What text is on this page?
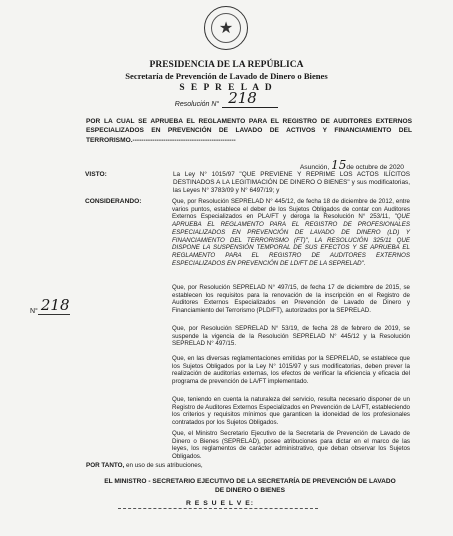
★
PRESIDENCIA DE LA REPÚBLICA
Secretaría de Prevención de Lavado de Dinero o Bienes
S E P R E L A D
Resolución N° 218
N° 218
POR LA CUAL SE APRUEBA EL REGLAMENTO PARA EL REGISTRO DE AUDITORES EXTERNOS ESPECIALIZADOS EN PREVENCIÓN DE LAVADO DE ACTIVOS Y FINANCIAMIENTO DEL TERRORISMO.-----------------------------------------------
Asunción, 15de octubre de 2020
VISTO:	La Ley N° 1015/97 "QUE PREVIENE Y REPRIME LOS ACTOS ILÍCITOS DESTINADOS A LA LEGITIMACIÓN DE DINERO O BIENES" y sus modificatorias, las Leyes N° 3783/09 y N° 6497/19; y
CONSIDERANDO:	Que, por Resolución SEPRELAD N° 445/12, de fecha 18 de diciembre de 2012, entre varios puntos, establece el deber de los Sujetos Obligados de contar con Auditores Externos Especializados en PLA/FT y deroga la Resolución N° 253/11, "QUE APRUEBA EL REGLAMENTO PARA EL REGISTRO DE PROFESIONALES ESPECIALIZADOS EN PREVENCIÓN DE LAVADO DE DINERO (LD) Y FINANCIAMIENTO DEL TERRORISMO (FT)", LA RESOLUCIÓN 325/11 QUE DISPONE LA SUSPENSIÓN TEMPORAL DE SUS EFECTOS Y SE APRUEBA EL REGLAMENTO PARA EL REGISTRO DE AUDITORES EXTERNOS ESPECIALIZADOS EN PREVENCIÓN DE LD/FT DE LA SEPRELAD".
Que, por Resolución SEPRELAD N° 497/15, de fecha 17 de diciembre de 2015, se establecen los requisitos para la renovación de la inscripción en el Registro de Auditores Externos Especializados en Prevención de Lavado de Dinero y Financiamiento del Terrorismo (PLD/FT), autorizados por la SEPRELAD.
Que, por Resolución SEPRELAD N° 53/19, de fecha 28 de febrero de 2019, se suspende la vigencia de la Resolución SEPRELAD N° 445/12 y la Resolución SEPRELAD N° 497/15.
Que, en las diversas reglamentaciones emitidas por la SEPRELAD, se establece que los Sujetos Obligados por la Ley N° 1015/97 y sus modificatorias, deben prever la realización de auditorías externas, los efectos de verificar la eficiencia y eficacia del programa de prevención de LA/FT implementado.
Que, teniendo en cuenta la naturaleza del servicio, resulta necesario disponer de un Registro de Auditores Externos Especializados en Prevención de LA/FT, estableciendo los criterios y requisitos mínimos que garanticen la idoneidad de los profesionales contratados por los Sujetos Obligados.
Que, el Ministro Secretario Ejecutivo de la Secretaría de Prevención de Lavado de Dinero o Bienes (SEPRELAD), posee atribuciones para dictar en el marco de las leyes, los reglamentos de carácter administrativo, que deban observar los Sujetos Obligados.
POR TANTO, en uso de sus atribuciones,
EL MINISTRO - SECRETARIO EJECUTIVO DE LA SECRETARÍA DE PREVENCIÓN DE LAVADO DE DINERO O BIENES
R E S U E L V E:
